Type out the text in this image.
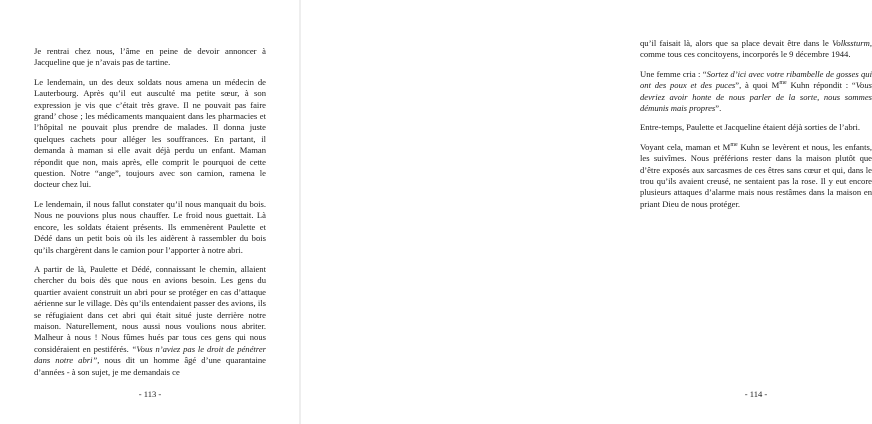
Je rentrai chez nous, l’âme en peine de devoir annoncer à Jacqueline que je n’avais pas de tartine.

Le lendemain, un des deux soldats nous amena un médecin de Lauterbourg. Après qu’il eut ausculté ma petite sœur, à son expression je vis que c’était très grave. Il ne pouvait pas faire grand’ chose ; les médicaments manquaient dans les pharmacies et l’hôpital ne pouvait plus prendre de malades. Il donna juste quelques cachets pour alléger les souffrances. En partant, il demanda à maman si elle avait déjà perdu un enfant. Maman répondit que non, mais après, elle comprit le pourquoi de cette question. Notre “ange”, toujours avec son camion, ramena le docteur chez lui.

Le lendemain, il nous fallut constater qu’il nous manquait du bois. Nous ne pouvions plus nous chauffer. Le froid nous guettait. Là encore, les soldats étaient présents. Ils emmenèrent Paulette et Dédé dans un petit bois où ils les aidèrent à rassembler du bois qu’ils chargèrent dans le camion pour l’apporter à notre abri.

A partir de là, Paulette et Dédé, connaissant le chemin, allaient chercher du bois dès que nous en avions besoin. Les gens du quartier avaient construit un abri pour se protéger en cas d’attaque aérienne sur le village. Dès qu’ils entendaient passer des avions, ils se réfugiaient dans cet abri qui était situé juste derrière notre maison. Naturellement, nous aussi nous voulions nous abriter. Malheur à nous ! Nous fûmes hués par tous ces gens qui nous considéraient en pestiférés. “Vous n’aviez pas le droit de pénétrer dans notre abri”, nous dit un homme âgé d’une quarantaine d’années - à son sujet, je me demandais ce

- 113 -

qu’il faisait là, alors que sa place devait être dans le Volkssturm, comme tous ces concitoyens, incorporés le 9 décembre 1944.

Une femme cria : “Sortez d’ici avec votre ribambelle de gosses qui ont des poux et des puces”, à quoi $M^{me}$ Kuhn répondit : “Vous devriez avoir honte de nous parler de la sorte, nous sommes démunis mais propres”.

Entre-temps, Paulette et Jacqueline étaient déjà sorties de l’abri.

Voyant cela, maman et $M^{me}$ Kuhn se levèrent et nous, les enfants, les suivîmes. Nous préférions rester dans la maison plutôt que d’être exposés aux sarcasmes de ces êtres sans cœur et qui, dans le trou qu’ils avaient creusé, ne sentaient pas la rose. Il y eut encore plusieurs attaques d’alarme mais nous restâmes dans la maison en priant Dieu de nous protéger.

- 114 -
